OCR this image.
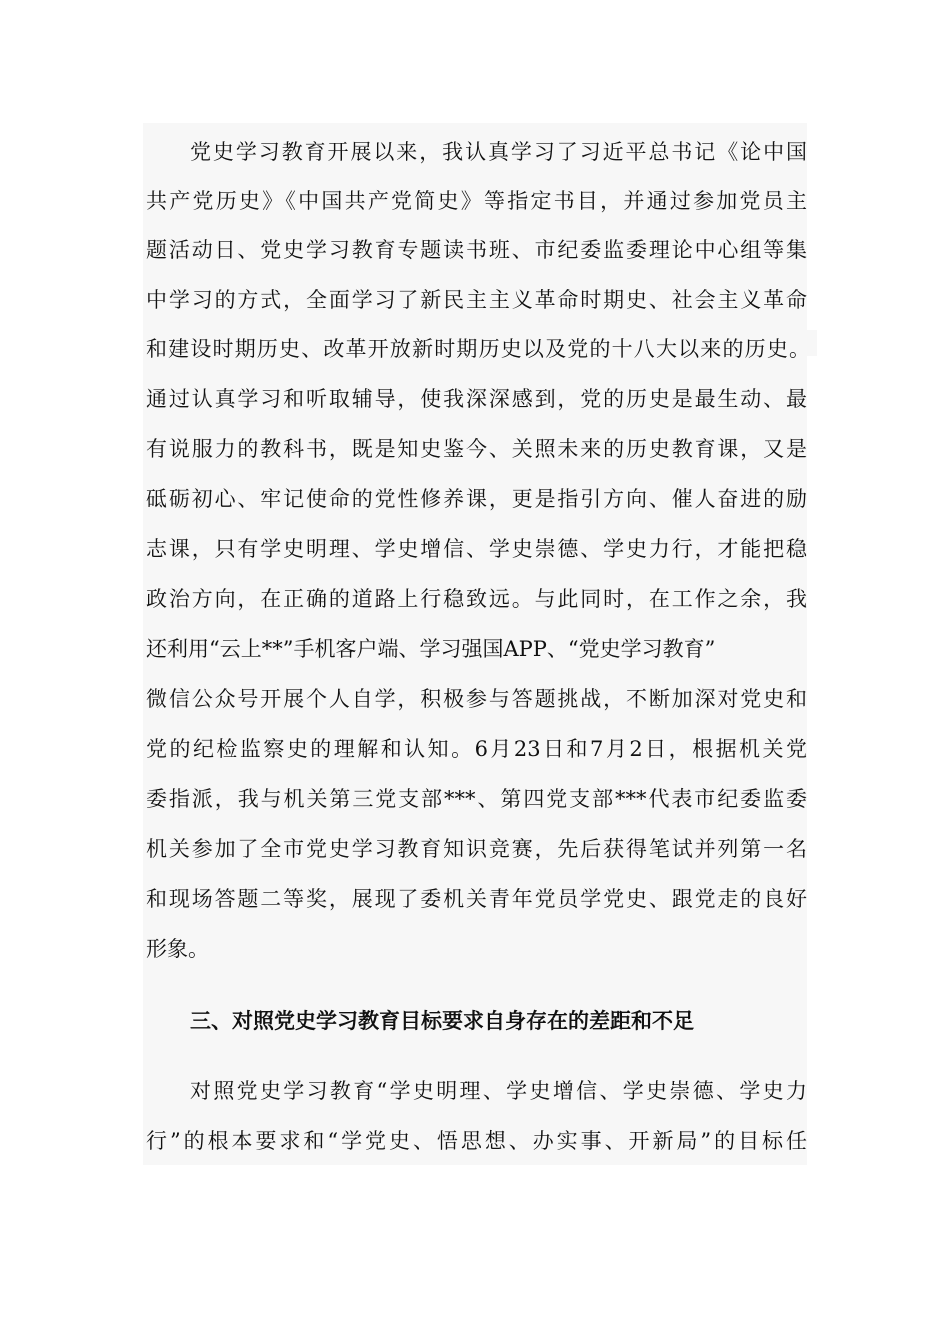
党史学习教育开展以来，我认真学习了习近平总书记《论中国
共产党历史》《中国共产党简史》等指定书目，并通过参加党员主
题活动日、党史学习教育专题读书班、市纪委监委理论中心组等集
中学习的方式，全面学习了新民主主义革命时期史、社会主义革命
和建设时期历史、改革开放新时期历史以及党的十八大以来的历史。
通过认真学习和听取辅导，使我深深感到，党的历史是最生动、最
有说服力的教科书，既是知史鉴今、关照未来的历史教育课，又是
砥砺初心、牢记使命的党性修养课，更是指引方向、催人奋进的励
志课，只有学史明理、学史增信、学史崇德、学史力行，才能把稳
政治方向，在正确的道路上行稳致远。与此同时，在工作之余，我
还利用“云上**”手机客户端、学习强国APP、“党史学习教育”
微信公众号开展个人自学，积极参与答题挑战，不断加深对党史和
党的纪检监察史的理解和认知。6月23日和7月2日，根据机关党
委指派，我与机关第三党支部***、第四党支部***代表市纪委监委
机关参加了全市党史学习教育知识竞赛，先后获得笔试并列第一名
和现场答题二等奖，展现了委机关青年党员学党史、跟党走的良好
形象。
三、对照党史学习教育目标要求自身存在的差距和不足
对照党史学习教育“学史明理、学史增信、学史崇德、学史力
行”的根本要求和“学党史、悟思想、办实事、开新局”的目标任
